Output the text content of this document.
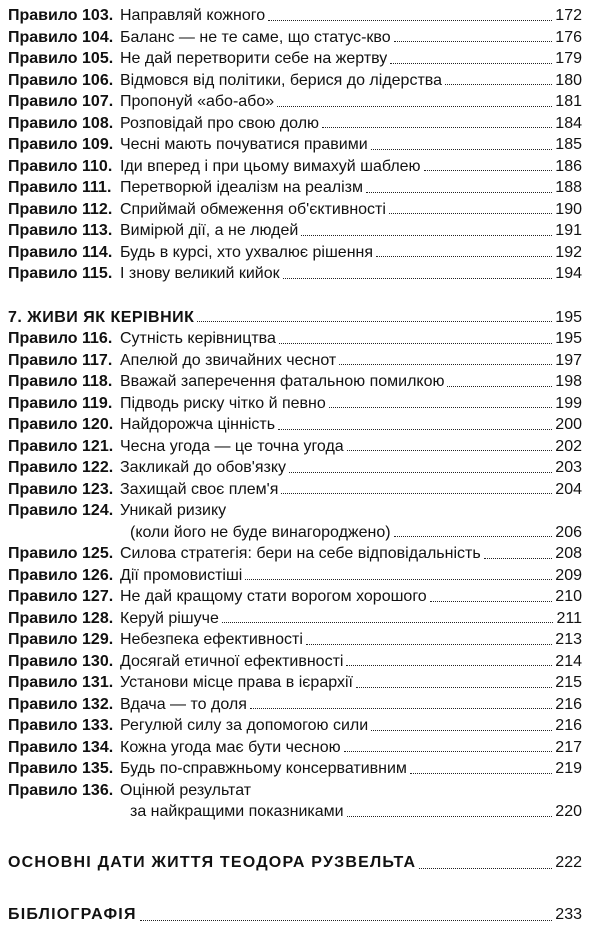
Правило 103. Направляй кожного	172
Правило 104. Баланс — не те саме, що статус-кво	176
Правило 105. Не дай перетворити себе на жертву	179
Правило 106. Відмовся від політики, берися до лідерства	180
Правило 107. Пропонуй «або-або»	181
Правило 108. Розповідай про свою долю	184
Правило 109. Чесні мають почуватися правими	185
Правило 110. Іди вперед і при цьому вимахуй шаблею	186
Правило 111. Перетворюй ідеалізм на реалізм	188
Правило 112. Сприймай обмеження об'єктивності	190
Правило 113. Вимірюй дії, а не людей	191
Правило 114. Будь в курсі, хто ухвалює рішення	192
Правило 115. І знову великий кийок	194
7. ЖИВИ ЯК КЕРІВНИК	195
Правило 116. Сутність керівництва	195
Правило 117. Апелюй до звичайних чеснот	197
Правило 118. Вважай заперечення фатальною помилкою	198
Правило 119. Підводь риску чітко й певно	199
Правило 120. Найдорожча цінність	200
Правило 121. Чесна угода — це точна угода	202
Правило 122. Закликай до обов'язку	203
Правило 123. Захищай своє плем'я	204
Правило 124. Уникай ризику
(коли його не буде винагороджено)	206
Правило 125. Силова стратегія: бери на себе відповідальність	208
Правило 126. Дії промовистіші	209
Правило 127. Не дай кращому стати ворогом хорошого	210
Правило 128. Керуй рішуче	211
Правило 129. Небезпека ефективності	213
Правило 130. Досягай етичної ефективності	214
Правило 131. Установи місце права в ієрархії	215
Правило 132. Вдача — то доля	216
Правило 133. Регулюй силу за допомогою сили	216
Правило 134. Кожна угода має бути чесною	217
Правило 135. Будь по-справжньому консервативним	219
Правило 136. Оцінюй результат
за найкращими показниками	220
ОСНОВНІ ДАТИ ЖИТТЯ ТЕОДОРА РУЗВЕЛЬТА	222
БІБЛІОГРАФІЯ	233
